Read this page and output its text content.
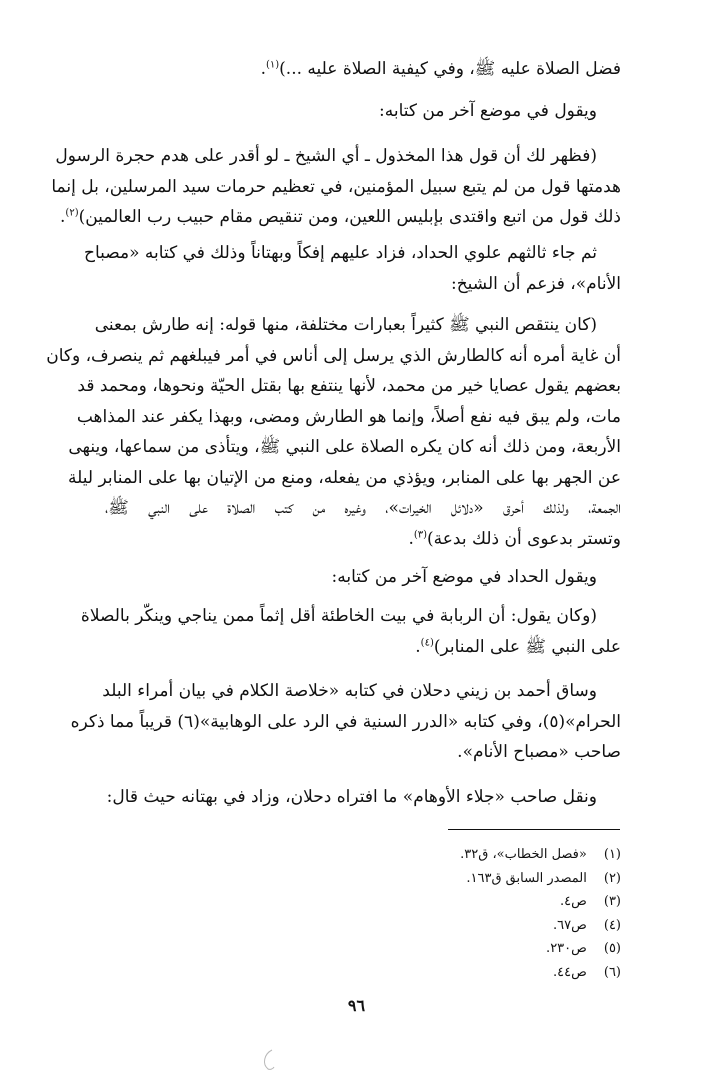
فضل الصلاة عليه ﷺ، وفي كيفية الصلاة عليه ...)$^{(١)}$.
ويقول في موضع آخر من كتابه:
(فظهر لك أن قول هذا المخذول ـ أي الشيخ ـ لو أقدر على هدم حجرة الرسول
هدمتها قول من لم يتبع سبيل المؤمنين، في تعظيم حرمات سيد المرسلين، بل إنما
ذلك قول من اتبع واقتدى بإبليس اللعين، ومن تنقيص مقام حبيب رب العالمين)$^{(٢)}$.
ثم جاء ثالثهم علوي الحداد، فزاد عليهم إفكاً وبهتاناً وذلك في كتابه «مصباح
الأنام»، فزعم أن الشيخ:
(كان ينتقص النبي ﷺ كثيراً بعبارات مختلفة، منها قوله: إنه طارش بمعنى
أن غاية أمره أنه كالطارش الذي يرسل إلى أناس في أمر فيبلغهم ثم ينصرف، وكان
بعضهم يقول عصايا خير من محمد، لأنها ينتفع بها بقتل الحيّة ونحوها، ومحمد قد
مات، ولم يبق فيه نفع أصلاً، وإنما هو الطارش ومضى، وبهذا يكفر عند المذاهب
الأربعة، ومن ذلك أنه كان يكره الصلاة على النبي ﷺ، ويتأذى من سماعها، وينهى
عن الجهر بها على المنابر، ويؤذي من يفعله، ومنع من الإتيان بها على المنابر ليلة
الجمعة، ولذلك أحرق «دلائل الخيرات»، وغيره من كتب الصلاة على النبي ﷺ،
وتستر بدعوى أن ذلك بدعة)$^{(٣)}$.
ويقول الحداد في موضع آخر من كتابه:
(وكان يقول: أن الربابة في بيت الخاطئة أقل إثماً ممن يناجي وينكّر بالصلاة
على النبي ﷺ على المنابر)$^{(٤)}$.
وساق أحمد بن زيني دحلان في كتابه «خلاصة الكلام في بيان أمراء البلد
الحرام»(٥)، وفي كتابه «الدرر السنية في الرد على الوهابية»(٦) قريباً مما ذكره
صاحب «مصباح الأنام».
ونقل صاحب «جلاء الأوهام» ما افتراه دحلان، وزاد في بهتانه حيث قال:
(١) «فصل الخطاب»، ق٣٢.
(٢) المصدر السابق ق١٦٣.
(٣) ص٤.
(٤) ص٦٧.
(٥) ص٢٣٠.
(٦) ص٤٤.
٩٦
